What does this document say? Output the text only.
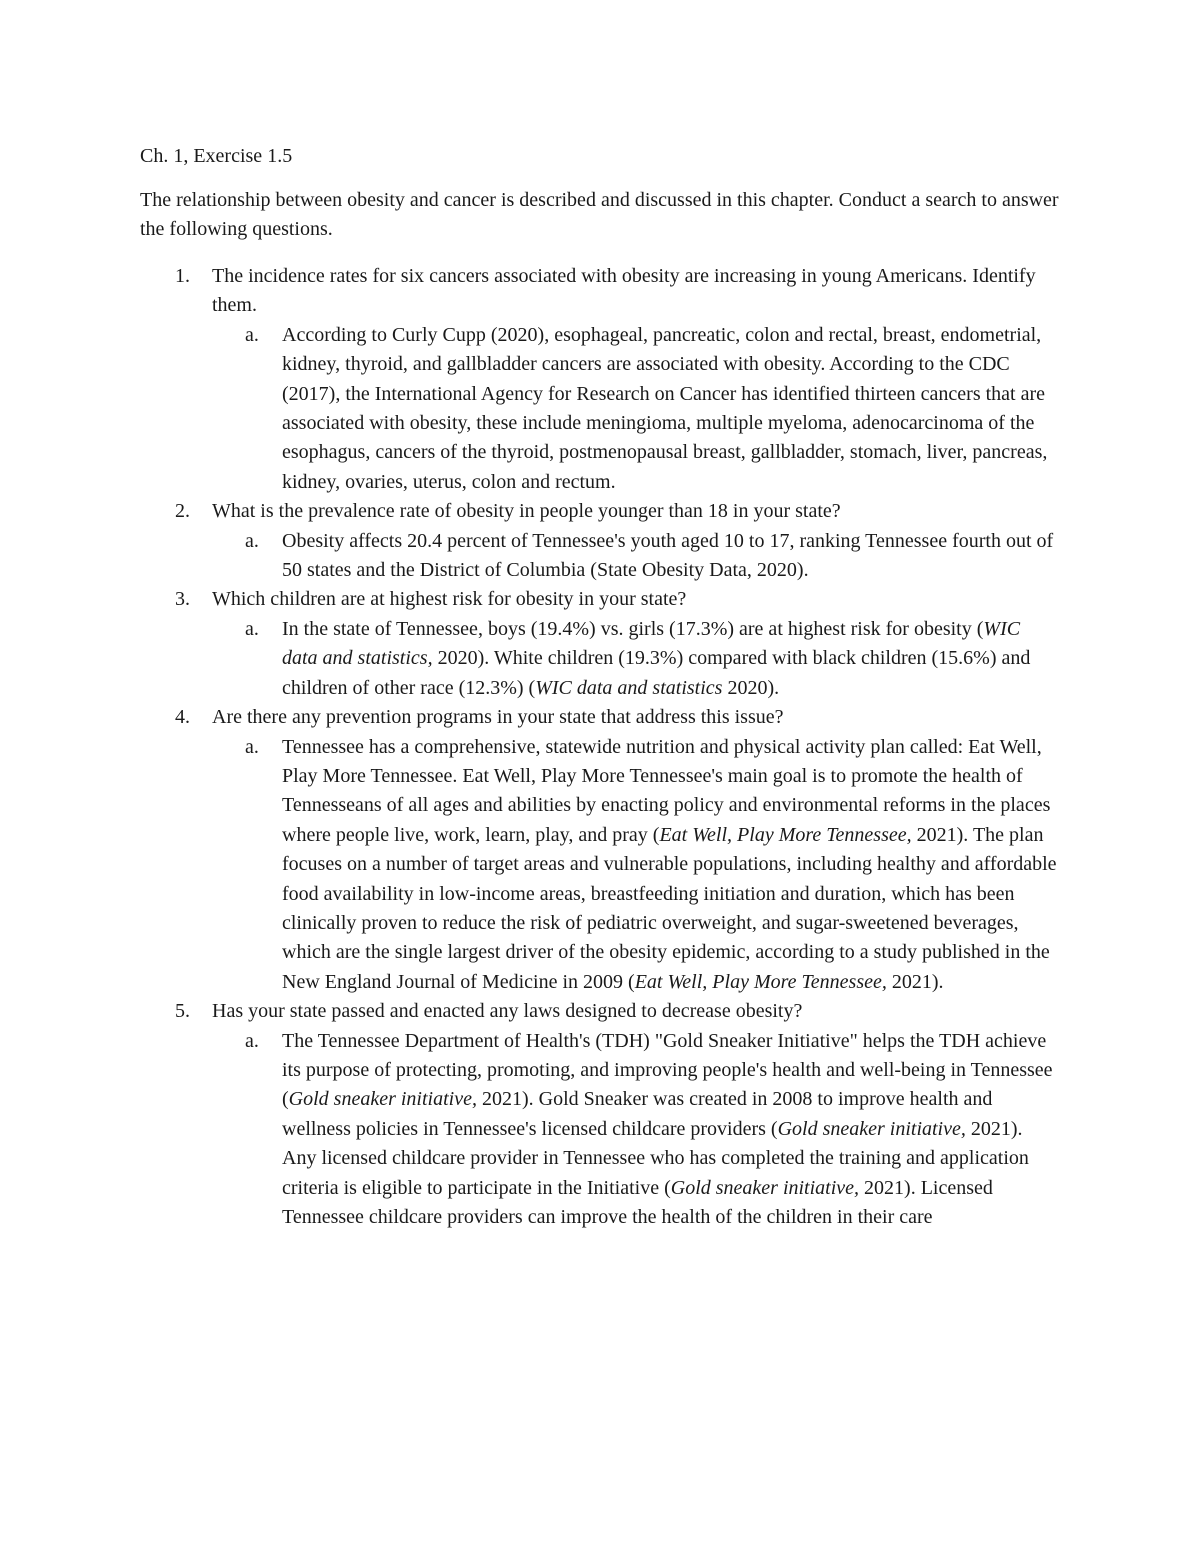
Ch. 1, Exercise 1.5

The relationship between obesity and cancer is described and discussed in this chapter. Conduct a search to answer the following questions.

1. The incidence rates for six cancers associated with obesity are increasing in young Americans. Identify them.
a. According to Curly Cupp (2020), esophageal, pancreatic, colon and rectal, breast, endometrial, kidney, thyroid, and gallbladder cancers are associated with obesity. According to the CDC (2017), the International Agency for Research on Cancer has identified thirteen cancers that are associated with obesity, these include meningioma, multiple myeloma, adenocarcinoma of the esophagus, cancers of the thyroid, postmenopausal breast, gallbladder, stomach, liver, pancreas, kidney, ovaries, uterus, colon and rectum.
2. What is the prevalence rate of obesity in people younger than 18 in your state?
a. Obesity affects 20.4 percent of Tennessee's youth aged 10 to 17, ranking Tennessee fourth out of 50 states and the District of Columbia (State Obesity Data, 2020).
3. Which children are at highest risk for obesity in your state?
a. In the state of Tennessee, boys (19.4%) vs. girls (17.3%) are at highest risk for obesity (WIC data and statistics, 2020). White children (19.3%) compared with black children (15.6%) and children of other race (12.3%) (WIC data and statistics 2020).
4. Are there any prevention programs in your state that address this issue?
a. Tennessee has a comprehensive, statewide nutrition and physical activity plan called: Eat Well, Play More Tennessee. Eat Well, Play More Tennessee's main goal is to promote the health of Tennesseans of all ages and abilities by enacting policy and environmental reforms in the places where people live, work, learn, play, and pray (Eat Well, Play More Tennessee, 2021). The plan focuses on a number of target areas and vulnerable populations, including healthy and affordable food availability in low-income areas, breastfeeding initiation and duration, which has been clinically proven to reduce the risk of pediatric overweight, and sugar-sweetened beverages, which are the single largest driver of the obesity epidemic, according to a study published in the New England Journal of Medicine in 2009 (Eat Well, Play More Tennessee, 2021).
5. Has your state passed and enacted any laws designed to decrease obesity?
a. The Tennessee Department of Health's (TDH) "Gold Sneaker Initiative" helps the TDH achieve its purpose of protecting, promoting, and improving people's health and well-being in Tennessee (Gold sneaker initiative, 2021). Gold Sneaker was created in 2008 to improve health and wellness policies in Tennessee's licensed childcare providers (Gold sneaker initiative, 2021). Any licensed childcare provider in Tennessee who has completed the training and application criteria is eligible to participate in the Initiative (Gold sneaker initiative, 2021). Licensed Tennessee childcare providers can improve the health of the children in their care
